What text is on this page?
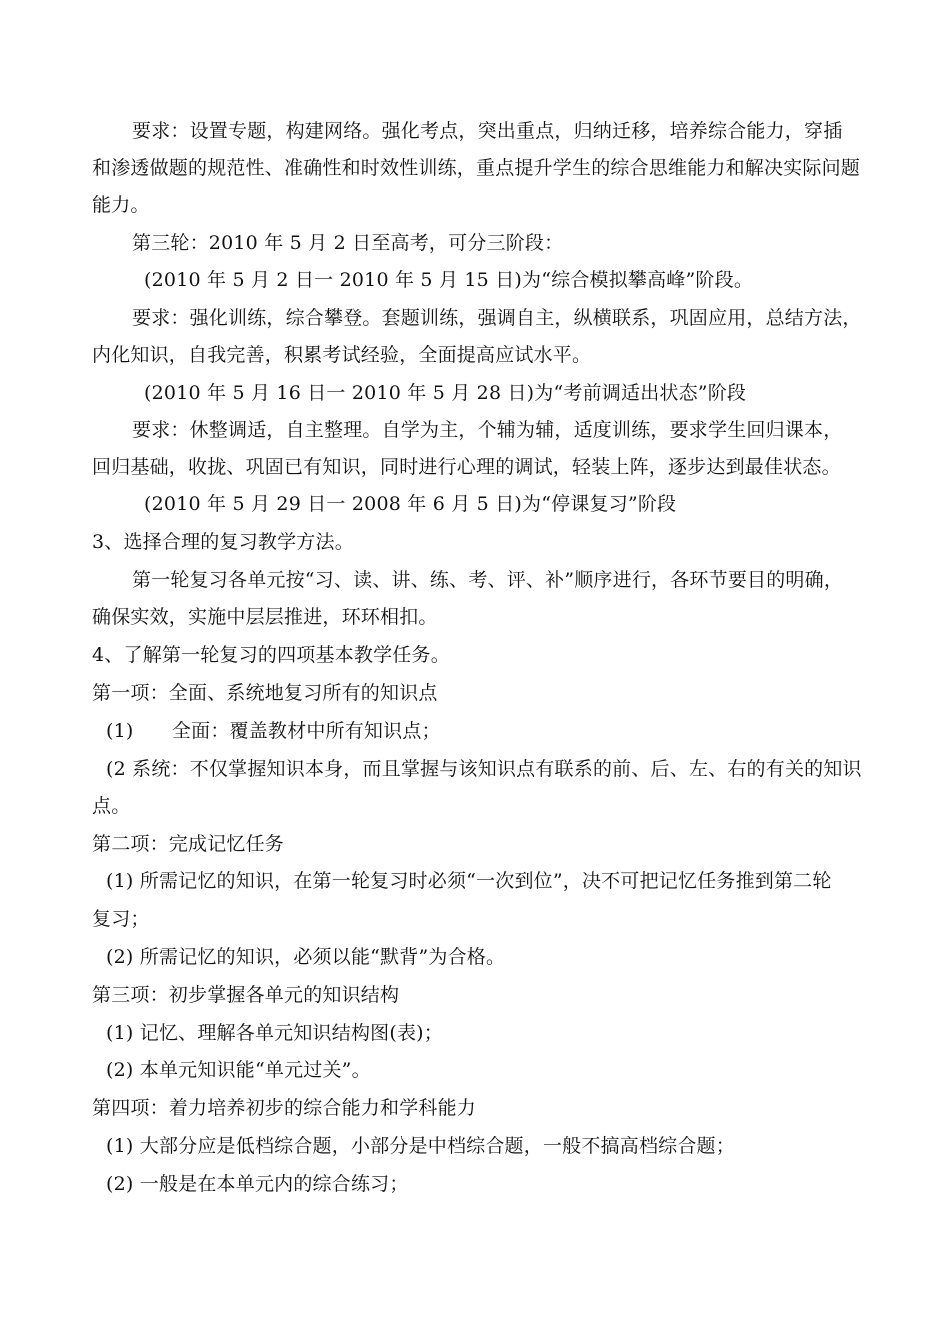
要求：设置专题，构建网络。强化考点，突出重点，归纳迁移，培养综合能力，穿插
和渗透做题的规范性、准确性和时效性训练，重点提升学生的综合思维能力和解决实际问题
能力。
第三轮：2010 年 5 月 2 日至高考，可分三阶段：
(2010 年 5 月 2 日一 2010 年 5 月 15 日)为“综合模拟攀高峰”阶段。
要求：强化训练，综合攀登。套题训练，强调自主，纵横联系，巩固应用，总结方法，
内化知识，自我完善，积累考试经验，全面提高应试水平。
(2010 年 5 月 16 日一 2010 年 5 月 28 日)为“考前调适出状态”阶段
要求：休整调适，自主整理。自学为主，个辅为辅，适度训练，要求学生回归课本，
回归基础，收拢、巩固已有知识，同时进行心理的调试，轻装上阵，逐步达到最佳状态。
(2010 年 5 月 29 日一 2008 年 6 月 5 日)为“停课复习”阶段
3、选择合理的复习教学方法。
第一轮复习各单元按“习、读、讲、练、考、评、补”顺序进行，各环节要目的明确，
确保实效，实施中层层推进，环环相扣。
4、了解第一轮复习的四项基本教学任务。
第一项：全面、系统地复习所有的知识点
(1)　　全面：覆盖教材中所有知识点；
(2 系统：不仅掌握知识本身，而且掌握与该知识点有联系的前、后、左、右的有关的知识
点。
第二项：完成记忆任务
(1) 所需记忆的知识，在第一轮复习时必须“一次到位”，决不可把记忆任务推到第二轮
复习；
(2) 所需记忆的知识，必须以能“默背”为合格。
第三项：初步掌握各单元的知识结构
(1) 记忆、理解各单元知识结构图(表)；
(2) 本单元知识能“单元过关”。
第四项：着力培养初步的综合能力和学科能力
(1) 大部分应是低档综合题，小部分是中档综合题，一般不搞高档综合题；
(2) 一般是在本单元内的综合练习；
